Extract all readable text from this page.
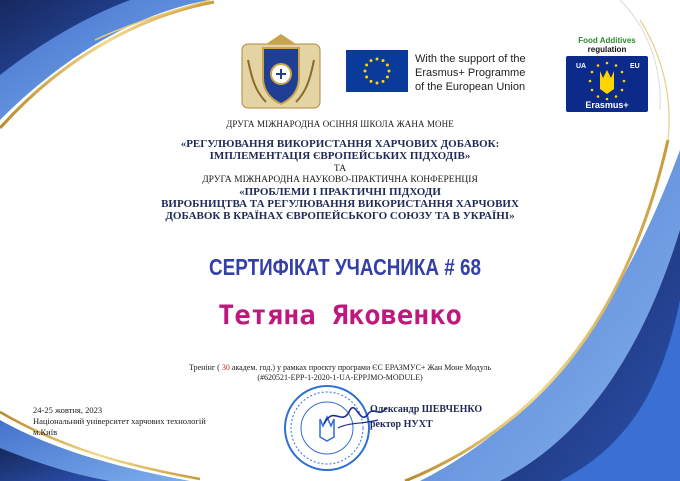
With the support of the
Erasmus+ Programme
of the European Union
Food Additives
regulation
UA	EU
Erasmus+
ДРУГА МІЖНАРОДНА ОСІННЯ ШКОЛА ЖАНА МОНЕ
«РЕГУЛЮВАННЯ ВИКОРИСТАННЯ ХАРЧОВИХ ДОБАВОК:
ІМПЛЕМЕНТАЦІЯ ЄВРОПЕЙСЬКИХ ПІДХОДІВ»
ТА
ДРУГА МІЖНАРОДНА НАУКОВО-ПРАКТИЧНА КОНФЕРЕНЦІЯ
«ПРОБЛЕМИ І ПРАКТИЧНІ ПІДХОДИ
ВИРОБНИЦТВА ТА РЕГУЛЮВАННЯ ВИКОРИСТАННЯ ХАРЧОВИХ
ДОБАВОК В КРАЇНАХ ЄВРОПЕЙСЬКОГО СОЮЗУ ТА В УКРАЇНІ»
СЕРТИФІКАТ УЧАСНИКА # 68
Тетяна Яковенко
Тренінг ( 30 академ. год.) у рамках проєкту програми ЄС ЕРАЗМУС+ Жан Моне Модуль
(#620521-EPP-1-2020-1-UA-EPPJMO-MODULE)
24-25 жовтня, 2023
Національний університет харчових технологій
м.Київ
Олександр ШЕВЧЕНКО
ректор НУХТ
